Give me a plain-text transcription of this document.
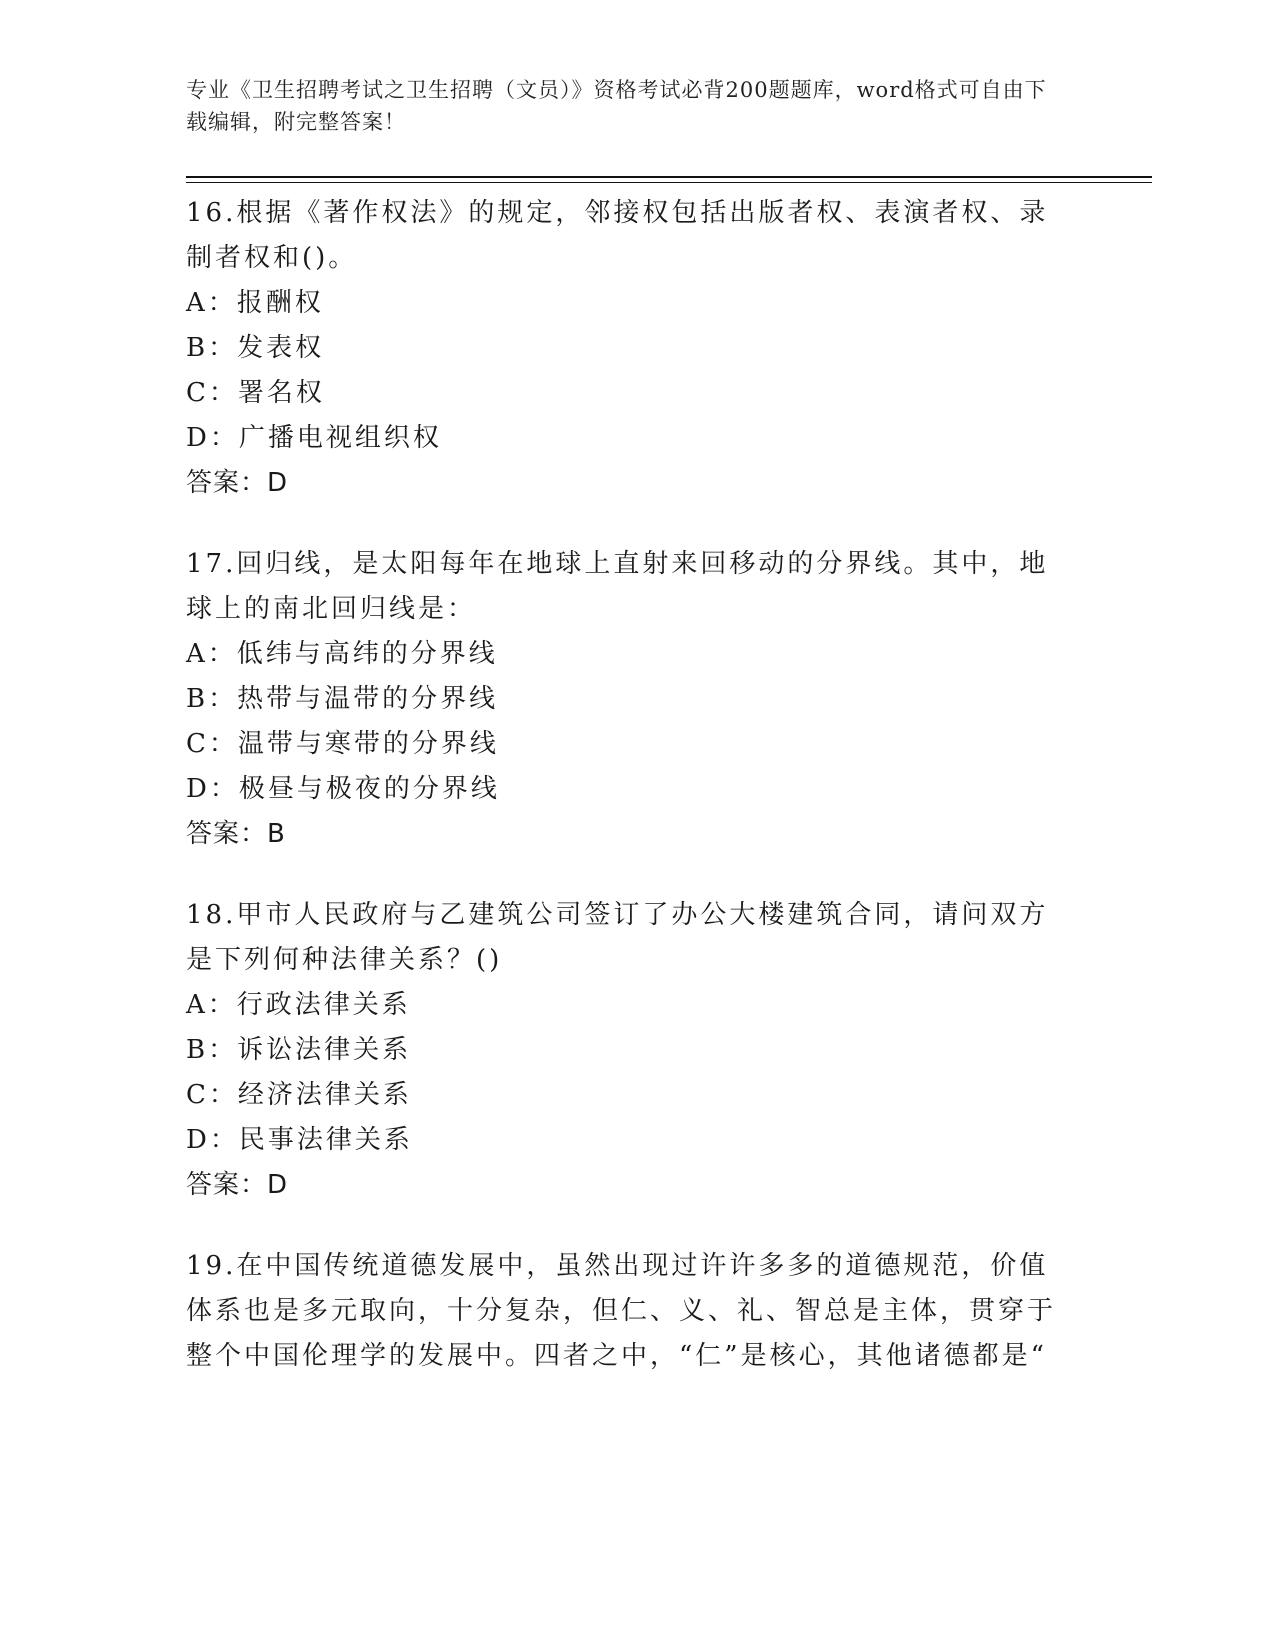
专业《卫生招聘考试之卫生招聘（文员）》资格考试必背200题题库，word格式可自由下载编辑，附完整答案！
16.根据《著作权法》的规定，邻接权包括出版者权、表演者权、录制者权和()。
A：报酬权
B：发表权
C：署名权
D：广播电视组织权
答案：D
17.回归线，是太阳每年在地球上直射来回移动的分界线。其中，地球上的南北回归线是：
A：低纬与高纬的分界线
B：热带与温带的分界线
C：温带与寒带的分界线
D：极昼与极夜的分界线
答案：B
18.甲市人民政府与乙建筑公司签订了办公大楼建筑合同，请问双方是下列何种法律关系？()
A：行政法律关系
B：诉讼法律关系
C：经济法律关系
D：民事法律关系
答案：D
19.在中国传统道德发展中，虽然出现过许许多多的道德规范，价值体系也是多元取向，十分复杂，但仁、义、礼、智总是主体，贯穿于整个中国伦理学的发展中。四者之中，“仁”是核心，其他诸德都是“
